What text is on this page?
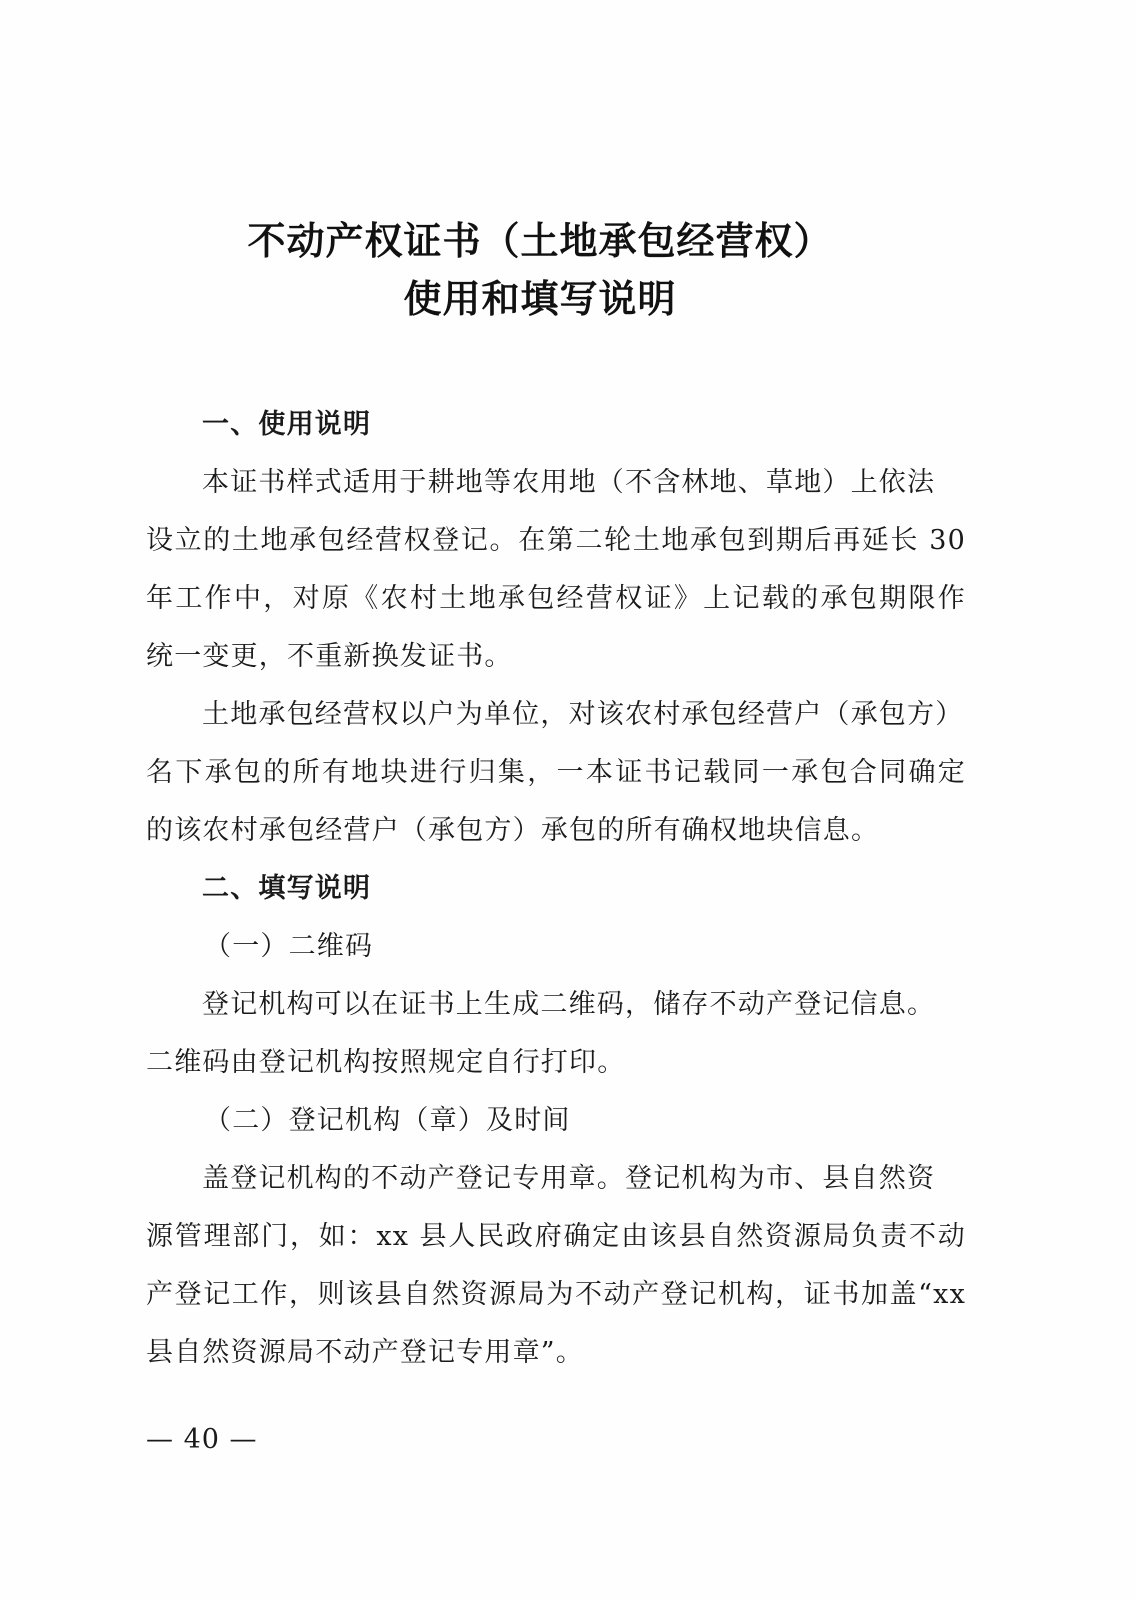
不动产权证书（土地承包经营权）
使用和填写说明
一、使用说明
本证书样式适用于耕地等农用地（不含林地、草地）上依法
设立的土地承包经营权登记。在第二轮土地承包到期后再延长 30
年工作中，对原《农村土地承包经营权证》上记载的承包期限作
统一变更，不重新换发证书。
土地承包经营权以户为单位，对该农村承包经营户（承包方）
名下承包的所有地块进行归集，一本证书记载同一承包合同确定
的该农村承包经营户（承包方）承包的所有确权地块信息。
二、填写说明
（一）二维码
登记机构可以在证书上生成二维码，储存不动产登记信息。
二维码由登记机构按照规定自行打印。
（二）登记机构（章）及时间
盖登记机构的不动产登记专用章。登记机构为市、县自然资
源管理部门，如：xx 县人民政府确定由该县自然资源局负责不动
产登记工作，则该县自然资源局为不动产登记机构，证书加盖“xx
县自然资源局不动产登记专用章”。
— 40 —
